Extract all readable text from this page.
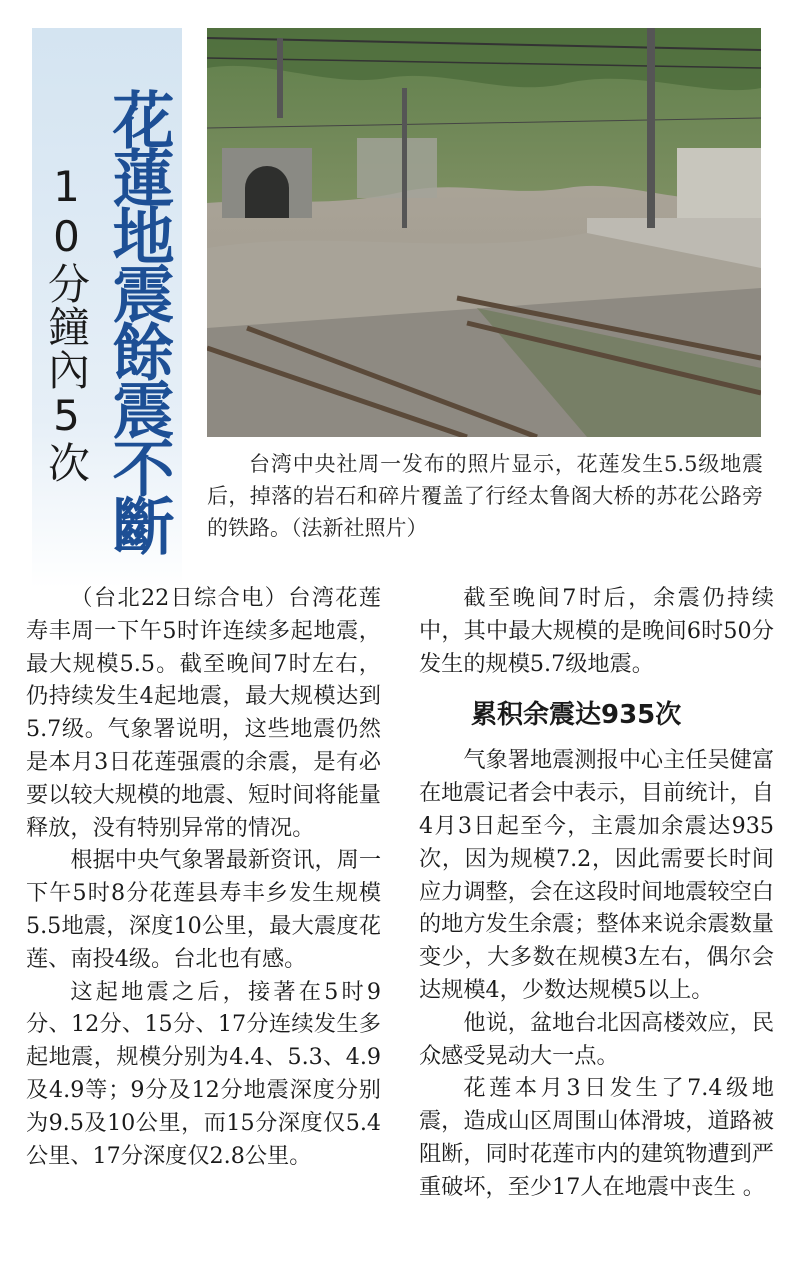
花蓮地震餘震不斷
10分鐘內5次	台湾中央社周一发布的照片显示，花莲发生5.5级地震后，掉落的岩石和碎片覆盖了行经太鲁阁大桥的苏花公路旁的铁路。（法新社照片）

（台北22日综合电）台湾花莲寿丰周一下午5时许连续多起地震，最大规模5.5。截至晚间7时左右，仍持续发生4起地震，最大规模达到5.7级。气象署说明，这些地震仍然是本月3日花莲强震的余震，是有必要以较大规模的地震、短时间将能量释放，没有特别异常的情况。

根据中央气象署最新资讯，周一下午5时8分花莲县寿丰乡发生规模5.5地震，深度10公里，最大震度花莲、南投4级。台北也有感。

这起地震之后，接著在5时9分、12分、15分、17分连续发生多起地震，规模分别为4.4、5.3、4.9及4.9等；9分及12分地震深度分别为9.5及10公里，而15分深度仅5.4公里、17分深度仅2.8公里。

截至晚间7时后，余震仍持续中，其中最大规模的是晚间6时50分发生的规模5.7级地震。

累积余震达935次

气象署地震测报中心主任吴健富在地震记者会中表示，目前统计，自4月3日起至今，主震加余震达935次，因为规模7.2，因此需要长时间应力调整，会在这段时间地震较空白的地方发生余震；整体来说余震数量变少，大多数在规模3左右，偶尔会达规模4，少数达规模5以上。

他说，盆地台北因高楼效应，民众感受晃动大一点。

花莲本月3日发生了7.4级地震，造成山区周围山体滑坡，道路被阻断，同时花莲市内的建筑物遭到严重破坏，至少17人在地震中丧生 。
